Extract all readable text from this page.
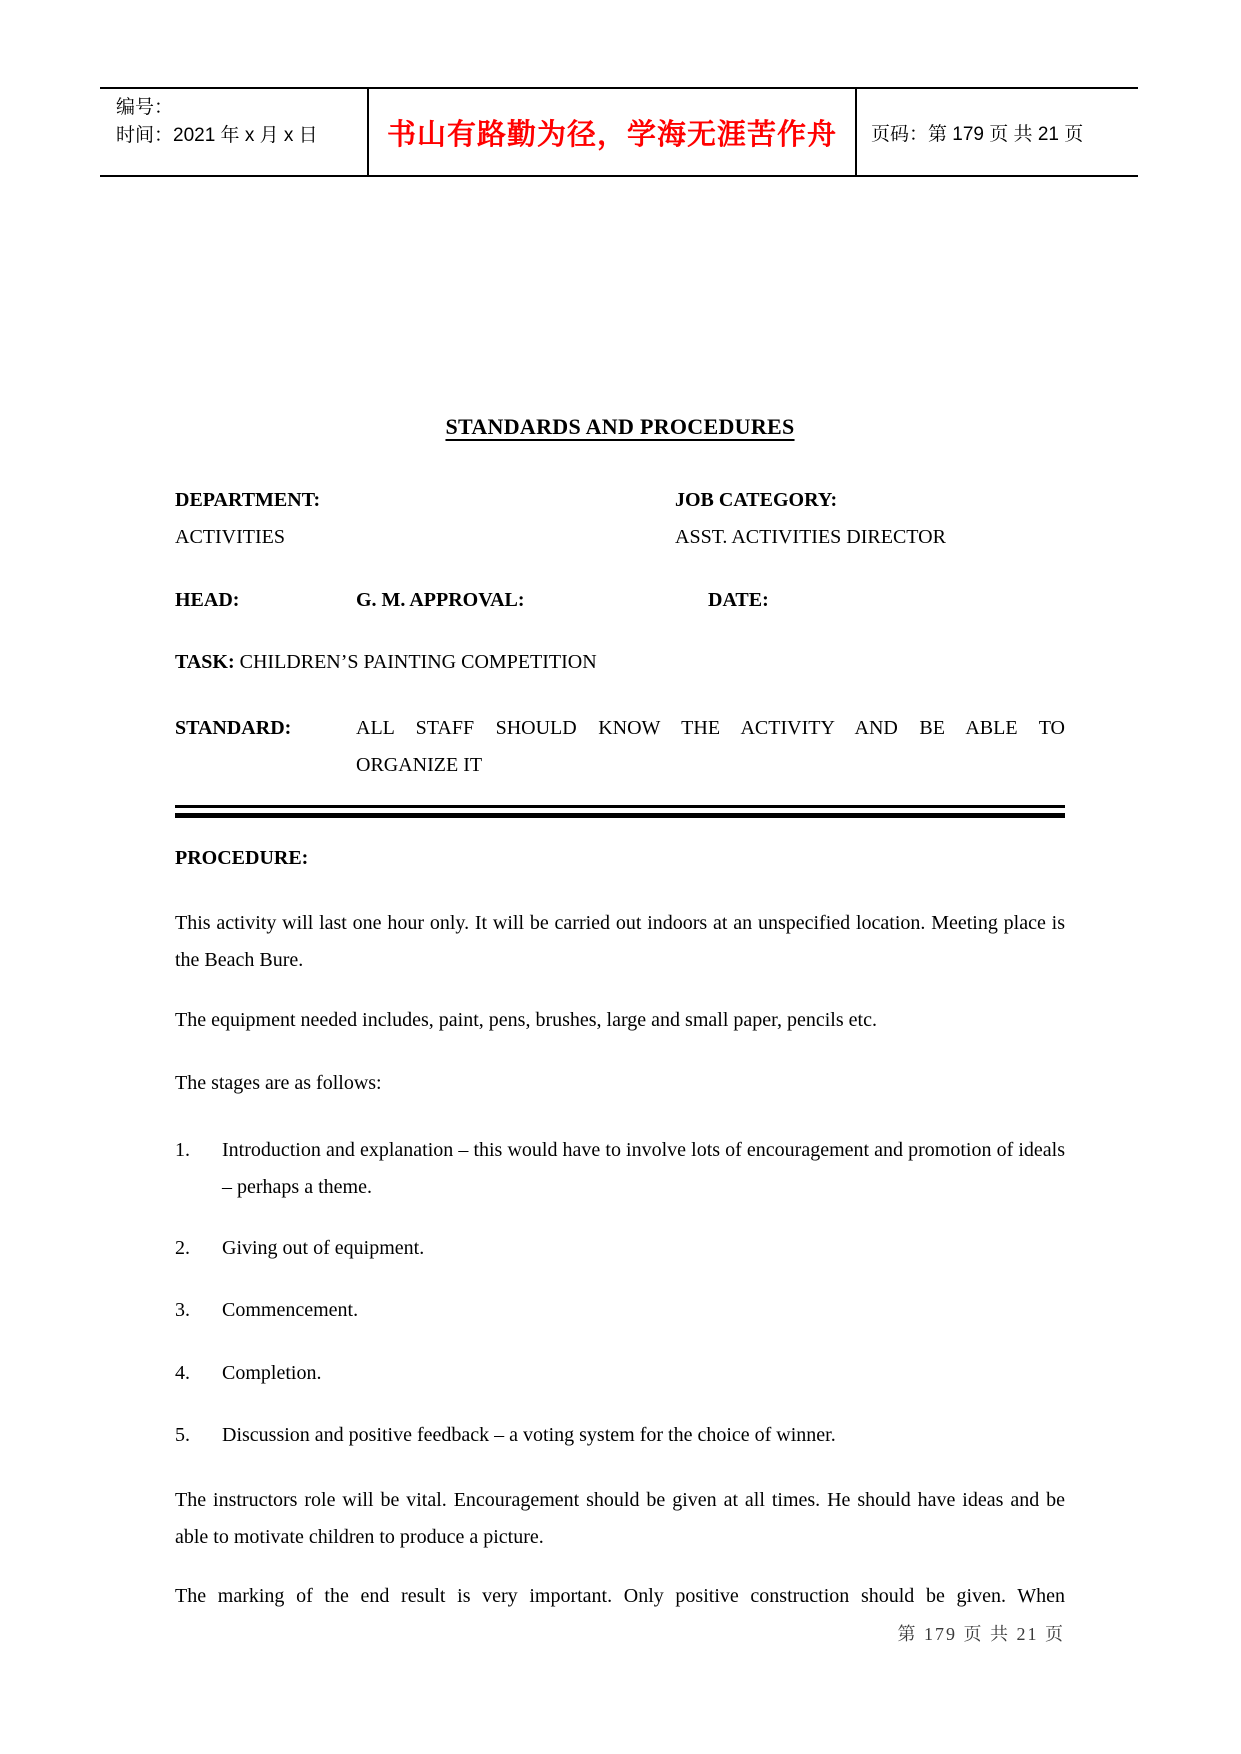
编号：
时间：2021 年 x 月 x 日	书山有路勤为径，学海无涯苦作舟 页码：第 179 页 共 21 页
STANDARDS AND PROCEDURES
DEPARTMENT:
ACTIVITIES
JOB CATEGORY:
ASST. ACTIVITIES DIRECTOR
HEAD:	G. M. APPROVAL:	DATE:
TASK: CHILDREN’S PAINTING COMPETITION
STANDARD:	ALL STAFF SHOULD KNOW THE ACTIVITY AND BE ABLE TO
ORGANIZE IT
PROCEDURE:
This activity will last one hour only. It will be carried out indoors at an unspecified location. Meeting place is the Beach Bure.
The equipment needed includes, paint, pens, brushes, large and small paper, pencils etc.
The stages are as follows:
1.	Introduction and explanation – this would have to involve lots of encouragement and promotion of ideals – perhaps a theme.
2.	Giving out of equipment.
3.	Commencement.
4.	Completion.
5.	Discussion and positive feedback – a voting system for the choice of winner.
The instructors role will be vital. Encouragement should be given at all times. He should have ideas and be able to motivate children to produce a picture.
The marking of the end result is very important. Only positive construction should be given. When
第 179 页 共 21 页
